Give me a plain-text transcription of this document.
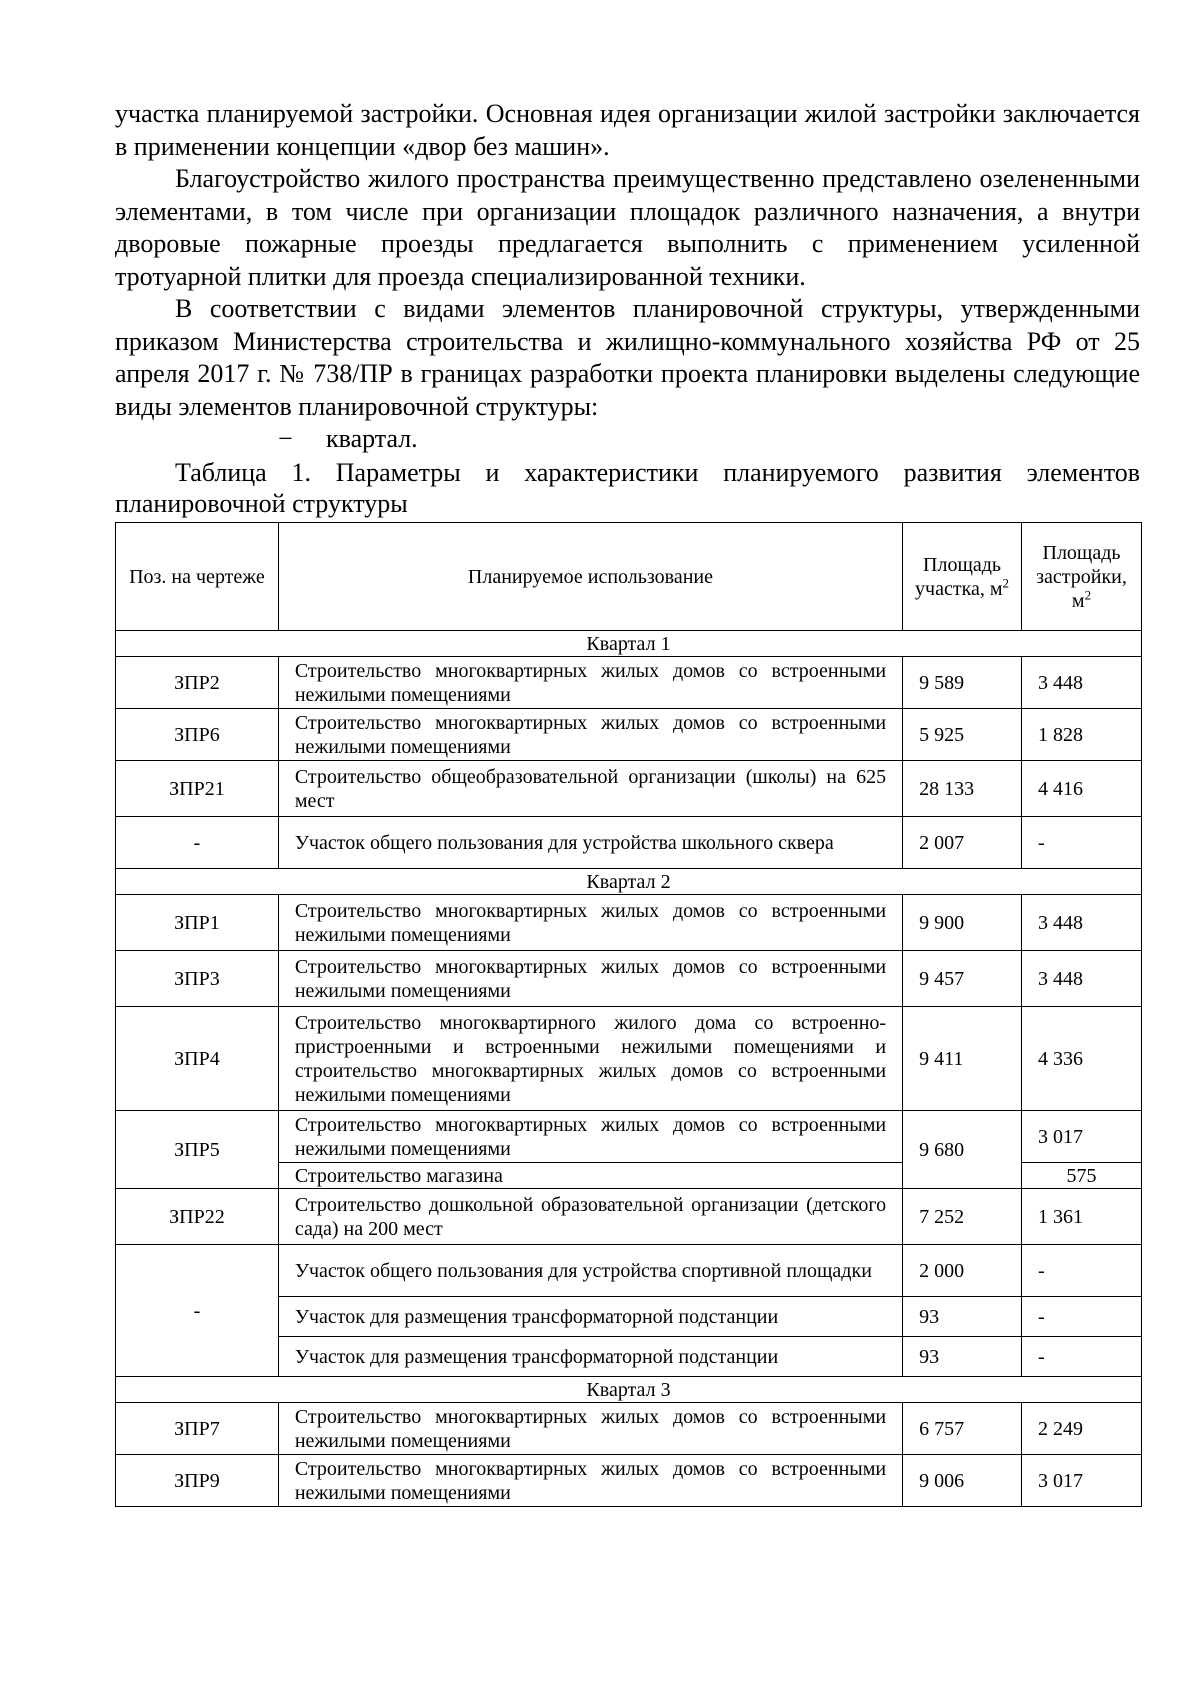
участка планируемой застройки. Основная идея организации жилой застройки заключается в применении концепции «двор без машин».

Благоустройство жилого пространства преимущественно представлено озелененными элементами, в том числе при организации площадок различного назначения, а внутри дворовые пожарные проезды предлагается выполнить с применением усиленной тротуарной плитки для проезда специализированной техники.

В соответствии с видами элементов планировочной структуры, утвержденными приказом Министерства строительства и жилищно-коммунального хозяйства РФ от 25 апреля 2017 г. № 738/ПР в границах разработки проекта планировки выделены следующие виды элементов планировочной структуры:

− квартал.
Таблица 1. Параметры и характеристики планируемого развития элементов планировочной структуры
Поз. на чертеже	Планируемое использование	Площадь участка, $м^2$	Площадь застройки, $м^2$
Квартал 1			
ЗПР2	Строительство многоквартирных жилых домов со встроенными нежилыми помещениями	9 589	3 448
ЗПР6	Строительство многоквартирных жилых домов со встроенными нежилыми помещениями	5 925	1 828
ЗПР21	Строительство общеобразовательной организации (школы) на 625 мест	28 133	4 416
-	Участок общего пользования для устройства школьного сквера	2 007	-
Квартал 2			
ЗПР1	Строительство многоквартирных жилых домов со встроенными нежилыми помещениями	9 900	3 448
ЗПР3	Строительство многоквартирных жилых домов со встроенными нежилыми помещениями	9 457	3 448
ЗПР4	Строительство многоквартирного жилого дома со встроенно-пристроенными и встроенными нежилыми помещениями и строительство многоквартирных жилых домов со встроенными нежилыми помещениями	9 411	4 336
ЗПР5	Строительство многоквартирных жилых домов со встроенными нежилыми помещениями	9 680	3 017
	Строительство магазина		575
ЗПР22	Строительство дошкольной образовательной организации (детского сада) на 200 мест	7 252	1 361
-	Участок общего пользования для устройства спортивной площадки	2 000	-
	Участок для размещения трансформаторной подстанции	93	-
	Участок для размещения трансформаторной подстанции	93	-
Квартал 3			
ЗПР7	Строительство многоквартирных жилых домов со встроенными нежилыми помещениями	6 757	2 249
ЗПР9	Строительство многоквартирных жилых домов со встроенными нежилыми помещениями	9 006	3 017
